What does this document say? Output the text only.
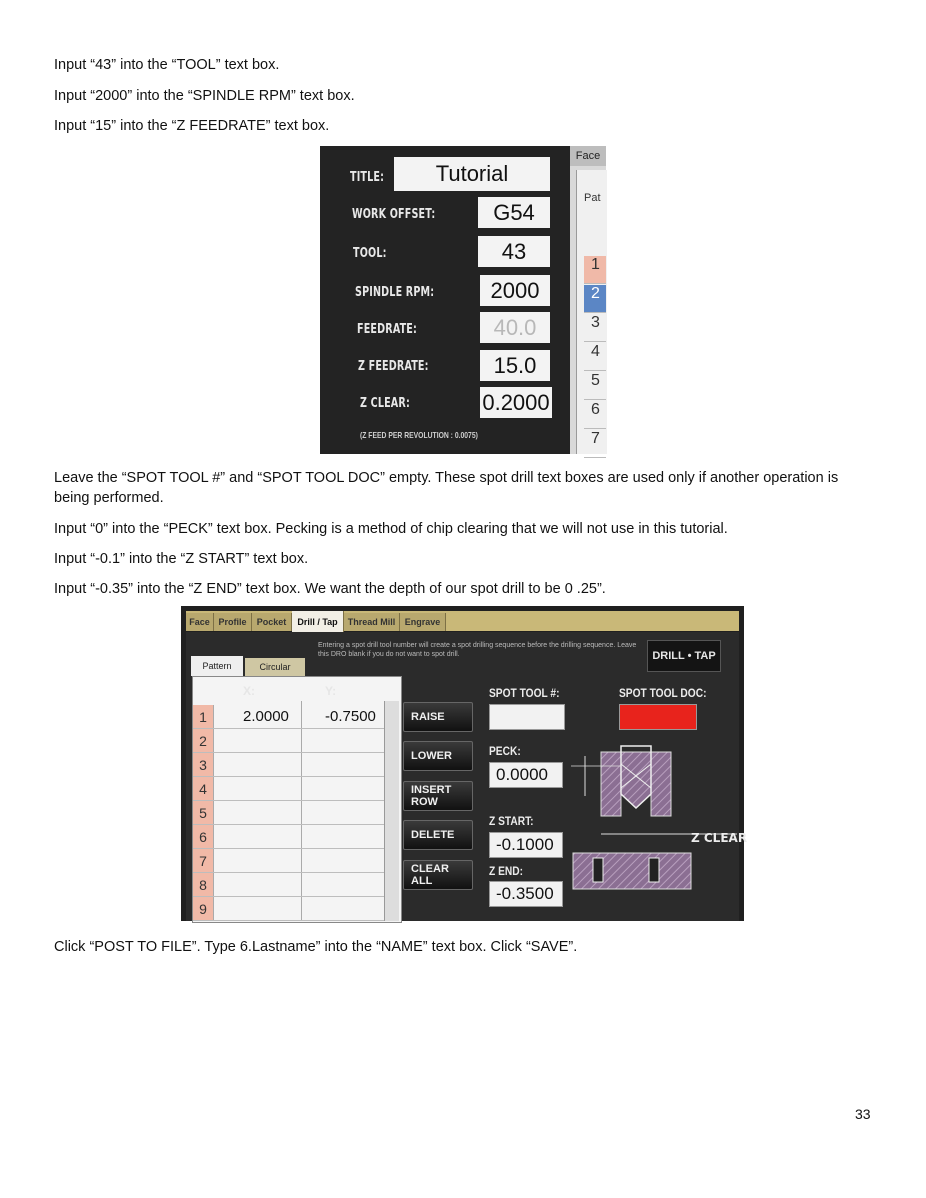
Input “43” into the “TOOL” text box.

Input “2000” into the “SPINDLE RPM” text box.

Input “15” into the “Z FEEDRATE” text box.

TITLE:	Tutorial
WORK OFFSET:	G54
TOOL:	43
SPINDLE RPM:	2000
FEEDRATE:	40.0
Z FEEDRATE:	15.0
Z CLEAR:	0.2000
(Z FEED PER REVOLUTION : 0.0075)
Face
Pat
1
2
3
4
5
6
7

Leave the “SPOT TOOL #” and “SPOT TOOL DOC” empty. These spot drill text boxes are used only if another operation is being performed.

Input “0” into the “PECK” text box. Pecking is a method of chip clearing that we will not use in this tutorial.

Input “-0.1” into the “Z START” text box.

Input “-0.35” into the “Z END” text box. We want the depth of our spot drill to be 0 .25”.

Face Profile	Pocket	Drill / Tap	Thread Mill	Engrave
Entering a spot drill tool number will create a spot drilling sequence before the drilling sequence. Leave this DRO blank if you do not want to spot drill.	DRILL • TAP
Pattern	Circular
X:	Y:
1	2.0000 -0.7500
2
3
4
5
6
7
8
9
RAISE
LOWER
INSERT ROW
DELETE
CLEAR ALL
SPOT TOOL #:	SPOT TOOL DOC:
PECK:
0.0000
Z START:
-0.1000
Z END:
-0.3500
Z CLEAR

Click “POST TO FILE”. Type 6.Lastname” into the “NAME” text box. Click “SAVE”.

33
